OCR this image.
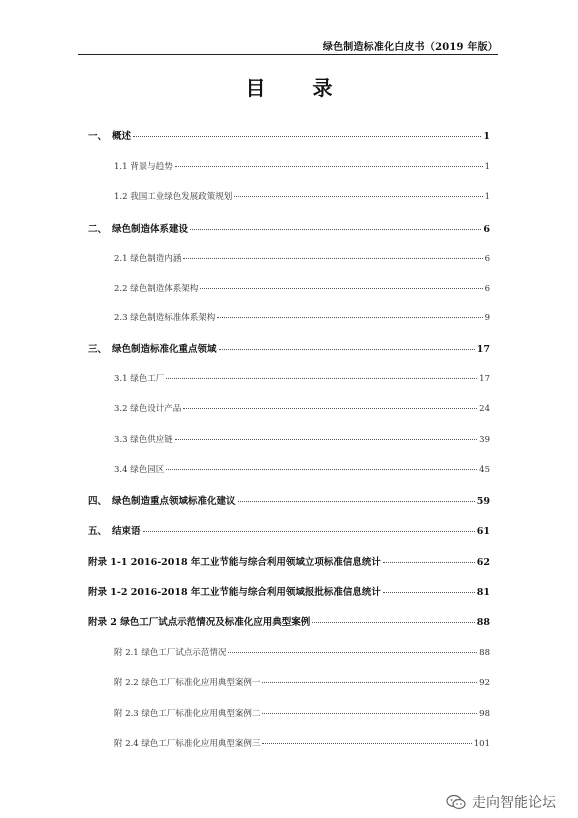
绿色制造标准化白皮书（2019 年版）
目 录
一、 概述	1
1.1 背景与趋势	1
1.2 我国工业绿色发展政策规划	1
二、 绿色制造体系建设	6
2.1 绿色制造内涵	6
2.2 绿色制造体系架构	6
2.3 绿色制造标准体系架构	9
三、 绿色制造标准化重点领域	17
3.1 绿色工厂	17
3.2 绿色设计产品	24
3.3 绿色供应链	39
3.4 绿色园区	45
四、 绿色制造重点领域标准化建议	59
五、 结束语	61
附录 1-1 2016-2018 年工业节能与综合利用领域立项标准信息统计	62
附录 1-2 2016-2018 年工业节能与综合利用领域报批标准信息统计	81
附录 2 绿色工厂试点示范情况及标准化应用典型案例	88
附 2.1 绿色工厂试点示范情况	88
附 2.2 绿色工厂标准化应用典型案例一	92
附 2.3 绿色工厂标准化应用典型案例二	98
附 2.4 绿色工厂标准化应用典型案例三	101
走向智能论坛
